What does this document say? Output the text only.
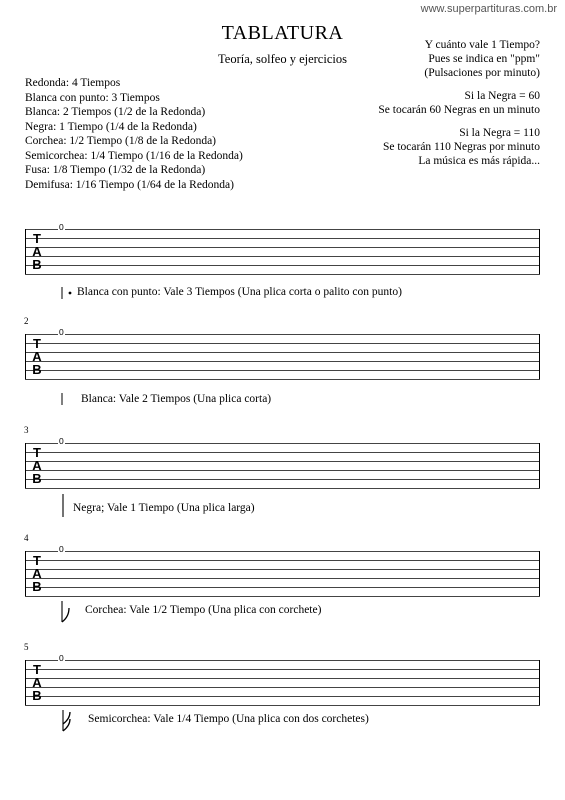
www.superpartituras.com.br
TABLATURA
Teoría, solfeo y ejercicios
Y cuánto vale 1 Tiempo?
Pues se indica en "ppm"
(Pulsaciones por minuto)
Si la Negra = 60
Se tocarán 60 Negras en un minuto
Si la Negra = 110
Se tocarán 110 Negras por minuto
La música es más rápida...
Redonda: 4 Tiempos
Blanca con punto: 3 Tiempos
Blanca: 2 Tiempos (1/2 de la Redonda)
Negra: 1 Tiempo (1/4 de la Redonda)
Corchea: 1/2 Tiempo (1/8 de la Redonda)
Semicorchea: 1/4 Tiempo (1/16 de la Redonda)
Fusa: 1/8 Tiempo (1/32 de la Redonda)
Demifusa: 1/16 Tiempo (1/64 de la Redonda)
T
A
B
0
Blanca con punto: Vale 3 Tiempos (Una plica corta o palito con punto)
2
T
A
B
0
Blanca: Vale 2 Tiempos (Una plica corta)
3
T
A
B
0
Negra; Vale 1 Tiempo (Una plica larga)
4
T
A
B
0
Corchea: Vale 1/2 Tiempo (Una plica con corchete)
5
T
A
B
0
Semicorchea: Vale 1/4 Tiempo (Una plica con dos corchetes)
